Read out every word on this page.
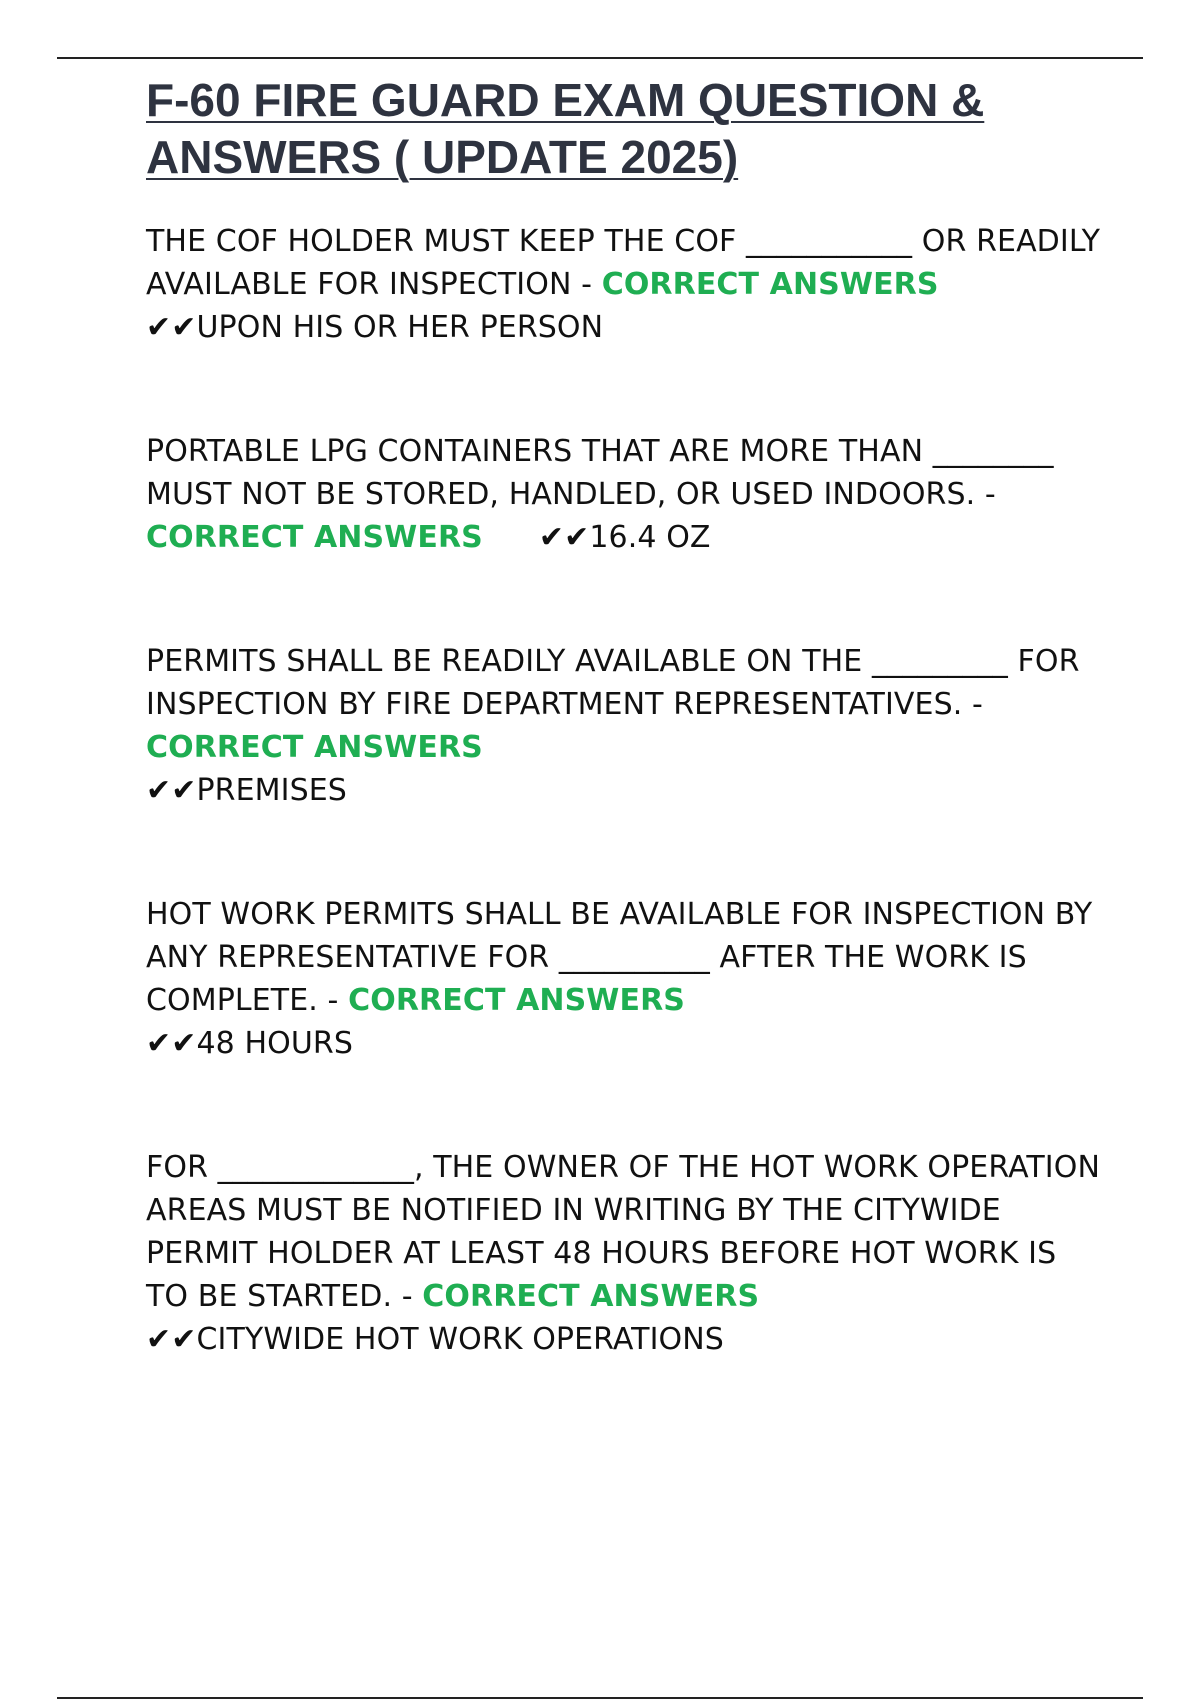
F-60 FIRE GUARD EXAM QUESTION & ANSWERS ( UPDATE 2025)

THE COF HOLDER MUST KEEP THE COF ___________ OR READILY AVAILABLE FOR INSPECTION - CORRECT ANSWERS✔✔UPON HIS OR HER PERSON

PORTABLE LPG CONTAINERS THAT ARE MORE THAN ________ MUST NOT BE STORED, HANDLED, OR USED INDOORS. - CORRECT ANSWERS ✔✔16.4 OZ

PERMITS SHALL BE READILY AVAILABLE ON THE _________ FOR INSPECTION BY FIRE DEPARTMENT REPRESENTATIVES. - CORRECT ANSWERS
✔✔PREMISES

HOT WORK PERMITS SHALL BE AVAILABLE FOR INSPECTION BY ANY REPRESENTATIVE FOR __________ AFTER THE WORK IS COMPLETE. - CORRECT ANSWERS
✔✔48 HOURS

FOR _____________, THE OWNER OF THE HOT WORK OPERATION AREAS MUST BE NOTIFIED IN WRITING BY THE CITYWIDE PERMIT HOLDER AT LEAST 48 HOURS BEFORE HOT WORK IS TO BE STARTED. - CORRECT ANSWERS
✔✔CITYWIDE HOT WORK OPERATIONS
